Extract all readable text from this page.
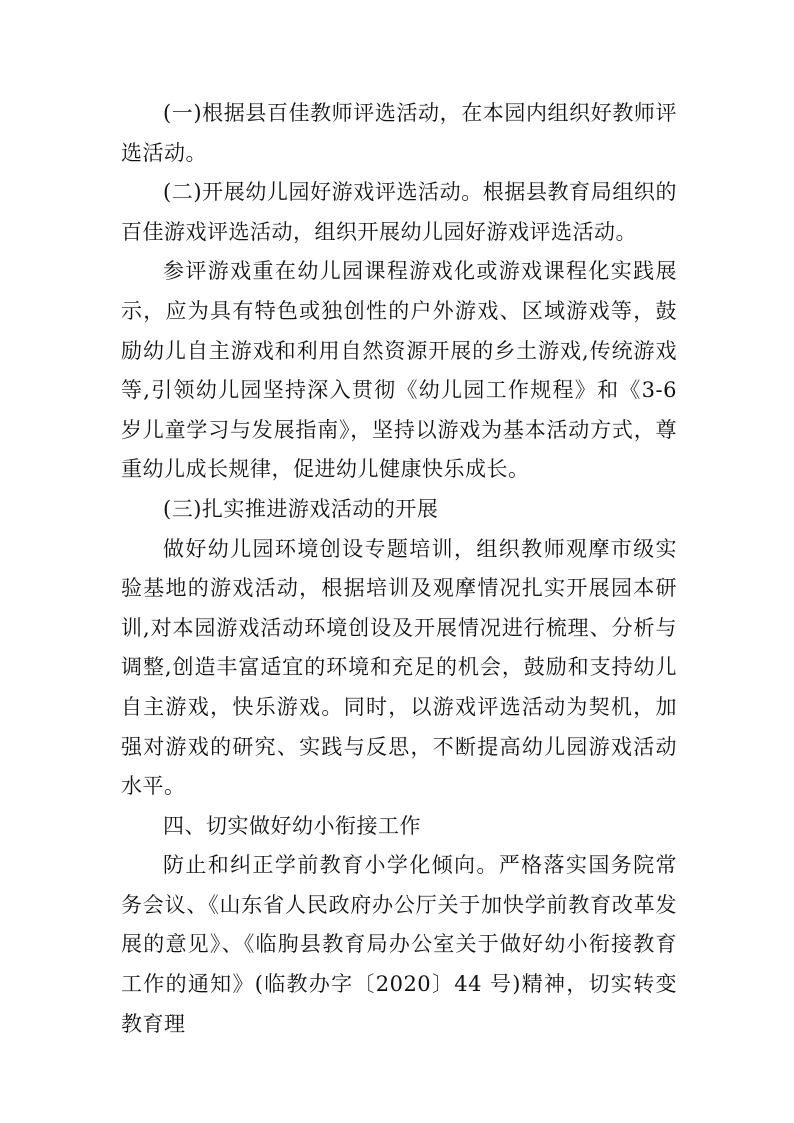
(一)根据县百佳教师评选活动，在本园内组织好教师评选活动。

(二)开展幼儿园好游戏评选活动。根据县教育局组织的百佳游戏评选活动，组织开展幼儿园好游戏评选活动。

参评游戏重在幼儿园课程游戏化或游戏课程化实践展示，应为具有特色或独创性的户外游戏、区域游戏等，鼓励幼儿自主游戏和利用自然资源开展的乡土游戏,传统游戏等,引领幼儿园坚持深入贯彻《幼儿园工作规程》和《3-6 岁儿童学习与发展指南》，坚持以游戏为基本活动方式，尊重幼儿成长规律，促进幼儿健康快乐成长。

(三)扎实推进游戏活动的开展

做好幼儿园环境创设专题培训，组织教师观摩市级实验基地的游戏活动，根据培训及观摩情况扎实开展园本研训,对本园游戏活动环境创设及开展情况进行梳理、分析与调整,创造丰富适宜的环境和充足的机会，鼓励和支持幼儿自主游戏，快乐游戏。同时，以游戏评选活动为契机，加强对游戏的研究、实践与反思，不断提高幼儿园游戏活动水平。

四、切实做好幼小衔接工作

防止和纠正学前教育小学化倾向。严格落实国务院常务会议、《山东省人民政府办公厅关于加快学前教育改革发展的意见》、《临朐县教育局办公室关于做好幼小衔接教育工作的通知》(临教办字〔2020〕44 号)精神，切实转变教育理
